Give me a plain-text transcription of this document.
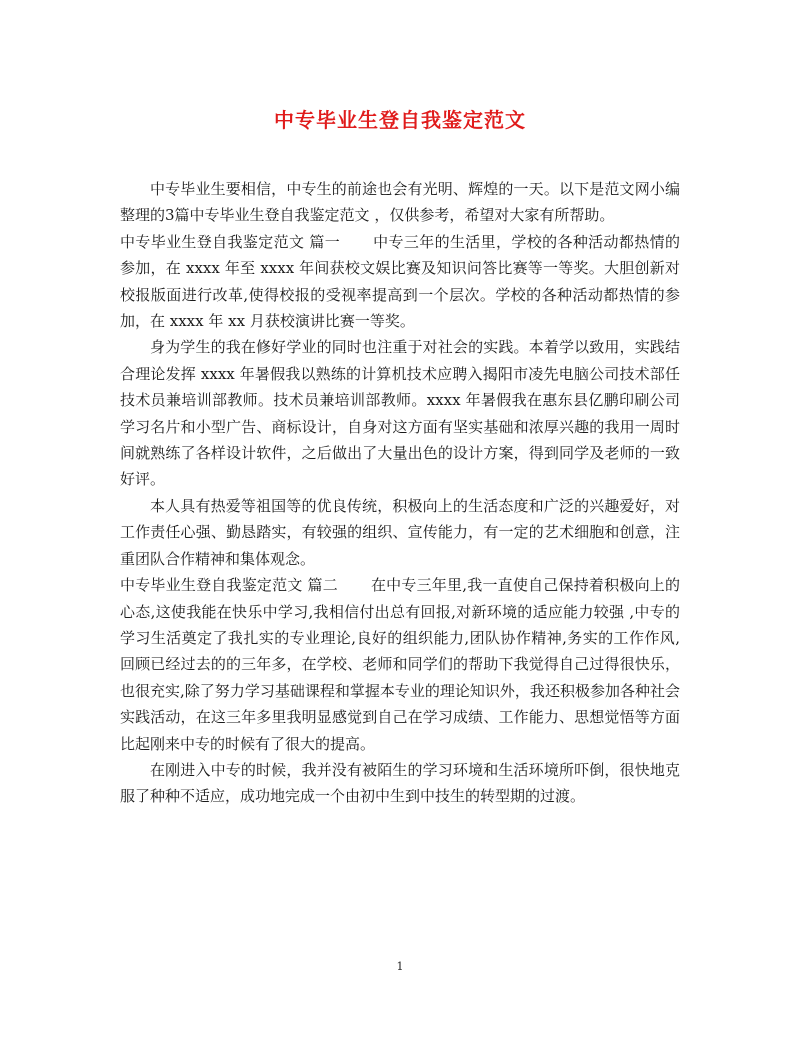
中专毕业生登自我鉴定范文

中专毕业生要相信，中专生的前途也会有光明、辉煌的一天。以下是范文网小编整理的3篇中专毕业生登自我鉴定范文 ，仅供参考，希望对大家有所帮助。

中专毕业生登自我鉴定范文 篇一 中专三年的生活里，学校的各种活动都热情的参加，在 xxxx 年至 xxxx 年间获校文娱比赛及知识问答比赛等一等奖。大胆创新对校报版面进行改革,使得校报的受视率提高到一个层次。学校的各种活动都热情的参加，在 xxxx 年 xx 月获校演讲比赛一等奖。

身为学生的我在修好学业的同时也注重于对社会的实践。本着学以致用，实践结合理论发挥 xxxx 年暑假我以熟练的计算机技术应聘入揭阳市凌先电脑公司技术部任技术员兼培训部教师。技术员兼培训部教师。xxxx 年暑假我在惠东县亿鹏印刷公司学习名片和小型广告、商标设计，自身对这方面有坚实基础和浓厚兴趣的我用一周时间就熟练了各样设计软件，之后做出了大量出色的设计方案，得到同学及老师的一致好评。

本人具有热爱等祖国等的优良传统，积极向上的生活态度和广泛的兴趣爱好，对工作责任心强、勤恳踏实，有较强的组织、宣传能力，有一定的艺术细胞和创意，注重团队合作精神和集体观念。

中专毕业生登自我鉴定范文 篇二 在中专三年里,我一直使自己保持着积极向上的心态,这使我能在快乐中学习,我相信付出总有回报,对新环境的适应能力较强 ,中专的学习生活奠定了我扎实的专业理论,良好的组织能力,团队协作精神,务实的工作作风, 回顾已经过去的的三年多，在学校、老师和同学们的帮助下我觉得自己过得很快乐，也很充实,除了努力学习基础课程和掌握本专业的理论知识外，我还积极参加各种社会实践活动，在这三年多里我明显感觉到自己在学习成绩、工作能力、思想觉悟等方面比起刚来中专的时候有了很大的提高。

在刚进入中专的时候，我并没有被陌生的学习环境和生活环境所吓倒，很快地克服了种种不适应，成功地完成一个由初中生到中技生的转型期的过渡。

1
